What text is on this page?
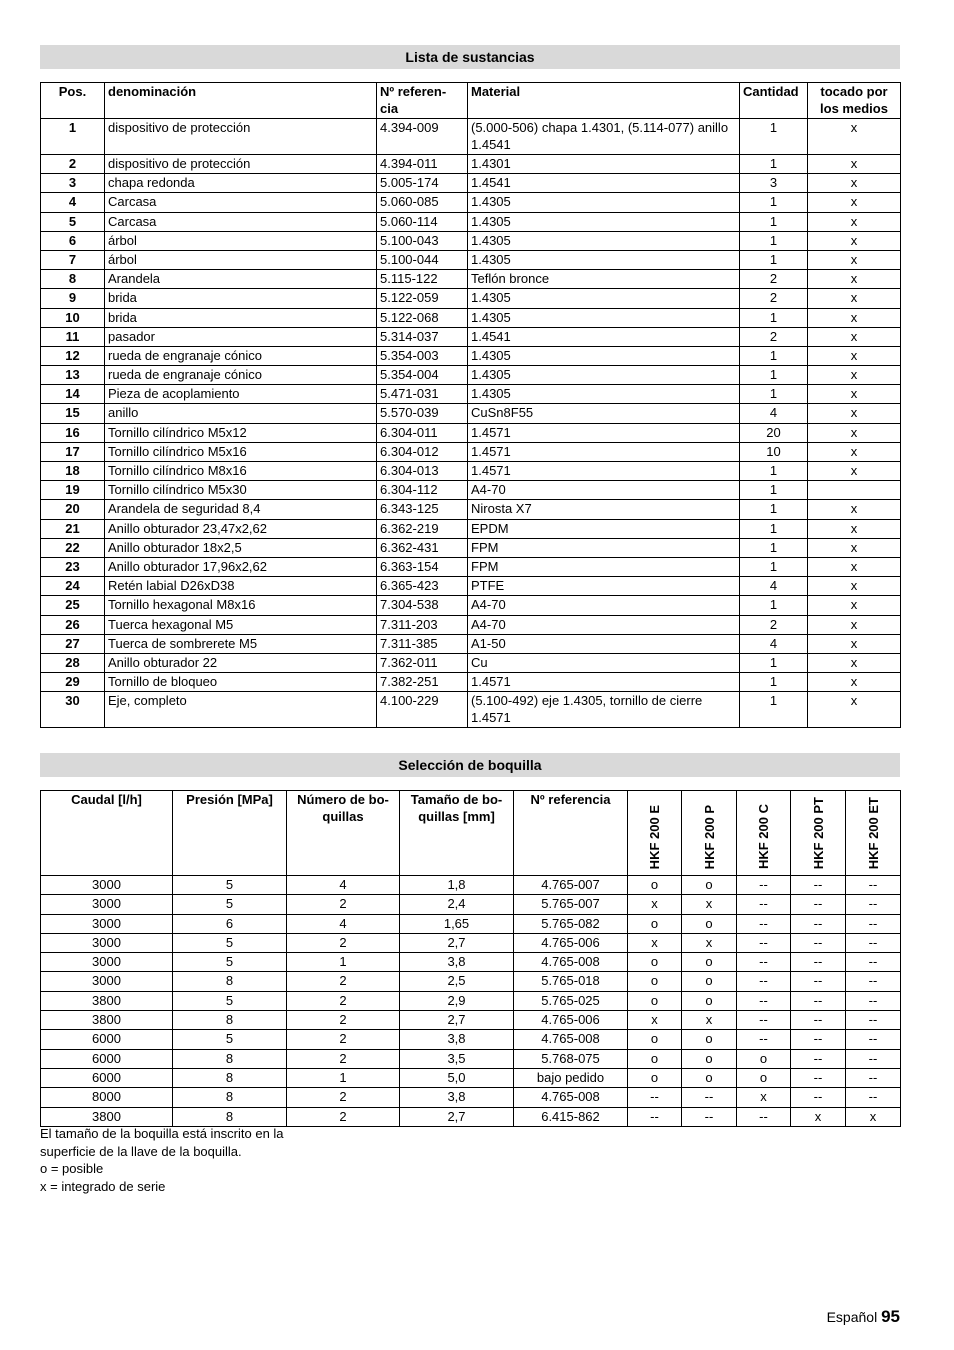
Lista de sustancias
Pos.	denominación	Nº referen-cia	Material	Cantidad	tocado por los medios
1	dispositivo de protección	4.394-009	(5.000-506) chapa 1.4301, (5.114-077) anillo 1.4541	1	x
2	dispositivo de protección	4.394-011	1.4301	1	x
3	chapa redonda	5.005-174	1.4541	3	x
4	Carcasa	5.060-085	1.4305	1	x
5	Carcasa	5.060-114	1.4305	1	x
6	árbol	5.100-043	1.4305	1	x
7	árbol	5.100-044	1.4305	1	x
8	Arandela	5.115-122	Teflón bronce	2	x
9	brida	5.122-059	1.4305	2	x
10	brida	5.122-068	1.4305	1	x
11	pasador	5.314-037	1.4541	2	x
12	rueda de engranaje cónico	5.354-003	1.4305	1	x
13	rueda de engranaje cónico	5.354-004	1.4305	1	x
14	Pieza de acoplamiento	5.471-031	1.4305	1	x
15	anillo	5.570-039	CuSn8F55	4	x
16	Tornillo cilíndrico M5x12	6.304-011	1.4571	20	x
17	Tornillo cilíndrico M5x16	6.304-012	1.4571	10	x
18	Tornillo cilíndrico M8x16	6.304-013	1.4571	1	x
19	Tornillo cilíndrico M5x30	6.304-112	A4-70	1	
20	Arandela de seguridad 8,4	6.343-125	Nirosta X7	1	x
21	Anillo obturador 23,47x2,62	6.362-219	EPDM	1	x
22	Anillo obturador 18x2,5	6.362-431	FPM	1	x
23	Anillo obturador 17,96x2,62	6.363-154	FPM	1	x
24	Retén labial D26xD38	6.365-423	PTFE	4	x
25	Tornillo hexagonal M8x16	7.304-538	A4-70	1	x
26	Tuerca hexagonal M5	7.311-203	A4-70	2	x
27	Tuerca de sombrerete M5	7.311-385	A1-50	4	x
28	Anillo obturador 22	7.362-011	Cu	1	x
29	Tornillo de bloqueo	7.382-251	1.4571	1	x
30	Eje, completo	4.100-229	(5.100-492) eje 1.4305, tornillo de cierre 1.4571	1	x
Selección de boquilla
Caudal [l/h]	Presión [MPa]	Número de bo-quillas	Tamaño de bo-quillas [mm]	Nº referencia	HKF 200 E	HKF 200 P	HKF 200 C	HKF 200 PT	HKF 200 ET

3000	5	4	1,8	4.765-007	o	o	--	--	--
3000	5	2	2,4	5.765-007	x	x	--	--	--
3000	6	4	1,65	5.765-082	o	o	--	--	--
3000	5	2	2,7	4.765-006	x	x	--	--	--
3000	5	1	3,8	4.765-008	o	o	--	--	--
3000	8	2	2,5	5.765-018	o	o	--	--	--
3800	5	2	2,9	5.765-025	o	o	--	--	--
3800	8	2	2,7	4.765-006	x	x	--	--	--
6000	5	2	3,8	4.765-008	o	o	--	--	--
6000	8	2	3,5	5.768-075	o	o	o	--	--
6000	8	1	5,0	bajo pedido	o	o	o	--	--
8000	8	2	3,8	4.765-008	--	--	x	--	--
3800	8	2	2,7	6.415-862	--	--	--	x	x
El tamaño de la boquilla está inscrito en la
superficie de la llave de la boquilla.
o = posible
x = integrado de serie
Español 95
